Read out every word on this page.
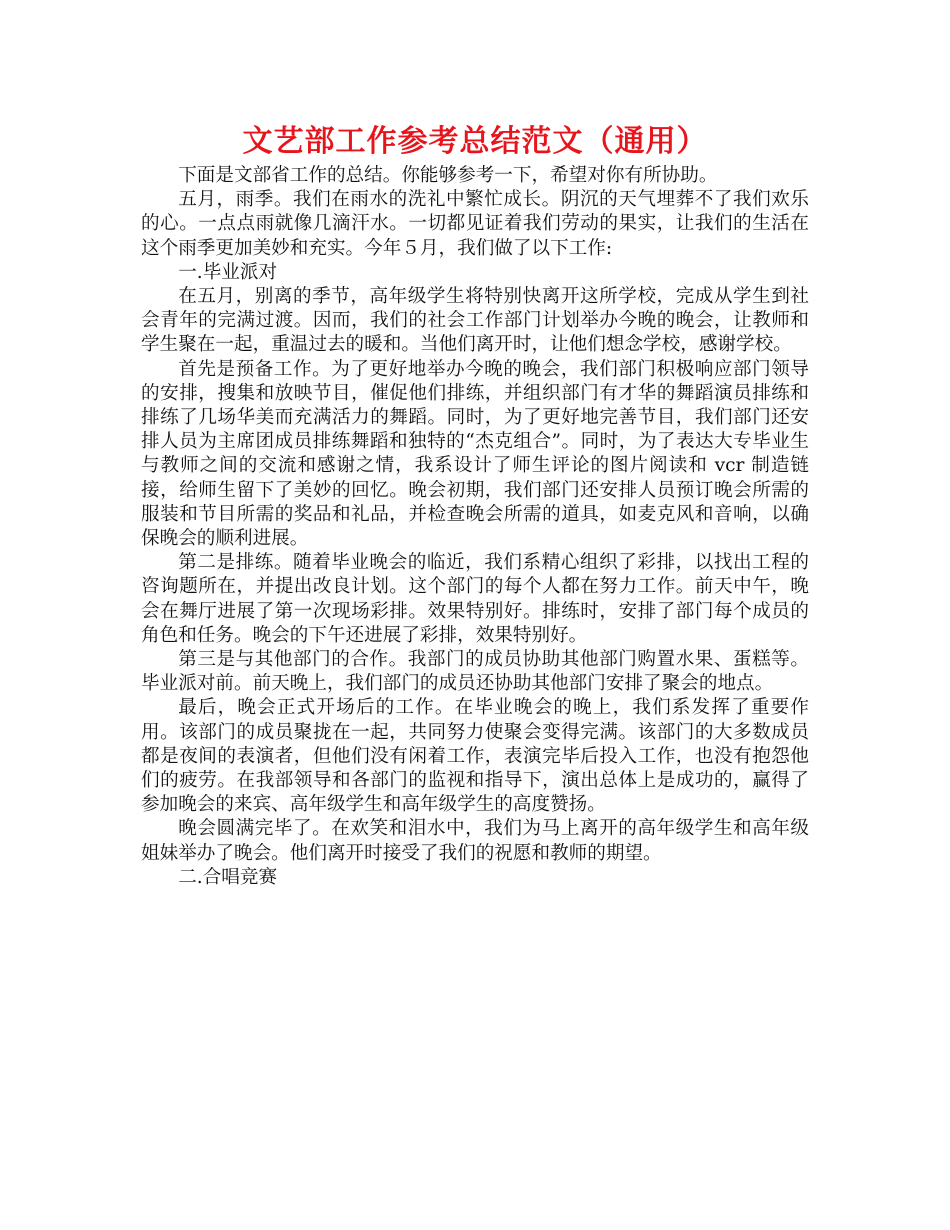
文艺部工作参考总结范文（通用）

下面是文部省工作的总结。你能够参考一下，希望对你有所协助。

五月，雨季。我们在雨水的洗礼中繁忙成长。阴沉的天气埋葬不了我们欢乐的心。一点点雨就像几滴汗水。一切都见证着我们劳动的果实，让我们的生活在这个雨季更加美妙和充实。今年５月，我们做了以下工作:

一.毕业派对

在五月，别离的季节，高年级学生将特别快离开这所学校，完成从学生到社会青年的完满过渡。因而，我们的社会工作部门计划举办今晚的晚会，让教师和学生聚在一起，重温过去的暖和。当他们离开时，让他们想念学校，感谢学校。

首先是预备工作。为了更好地举办今晚的晚会，我们部门积极响应部门领导的安排，搜集和放映节目，催促他们排练，并组织部门有才华的舞蹈演员排练和排练了几场华美而充满活力的舞蹈。同时，为了更好地完善节目，我们部门还安排人员为主席团成员排练舞蹈和独特的“杰克组合”。同时，为了表达大专毕业生与教师之间的交流和感谢之情，我系设计了师生评论的图片阅读和 vcr 制造链接，给师生留下了美妙的回忆。晚会初期，我们部门还安排人员预订晚会所需的服装和节目所需的奖品和礼品，并检查晚会所需的道具，如麦克风和音响，以确保晚会的顺利进展。

第二是排练。随着毕业晚会的临近，我们系精心组织了彩排，以找出工程的咨询题所在，并提出改良计划。这个部门的每个人都在努力工作。前天中午，晚会在舞厅进展了第一次现场彩排。效果特别好。排练时，安排了部门每个成员的角色和任务。晚会的下午还进展了彩排，效果特别好。

第三是与其他部门的合作。我部门的成员协助其他部门购置水果、蛋糕等。毕业派对前。前天晚上，我们部门的成员还协助其他部门安排了聚会的地点。

最后，晚会正式开场后的工作。在毕业晚会的晚上，我们系发挥了重要作用。该部门的成员聚拢在一起，共同努力使聚会变得完满。该部门的大多数成员都是夜间的表演者，但他们没有闲着工作，表演完毕后投入工作，也没有抱怨他们的疲劳。在我部领导和各部门的监视和指导下，演出总体上是成功的，赢得了参加晚会的来宾、高年级学生和高年级学生的高度赞扬。

晚会圆满完毕了。在欢笑和泪水中，我们为马上离开的高年级学生和高年级姐妹举办了晚会。他们离开时接受了我们的祝愿和教师的期望。

二.合唱竞赛
